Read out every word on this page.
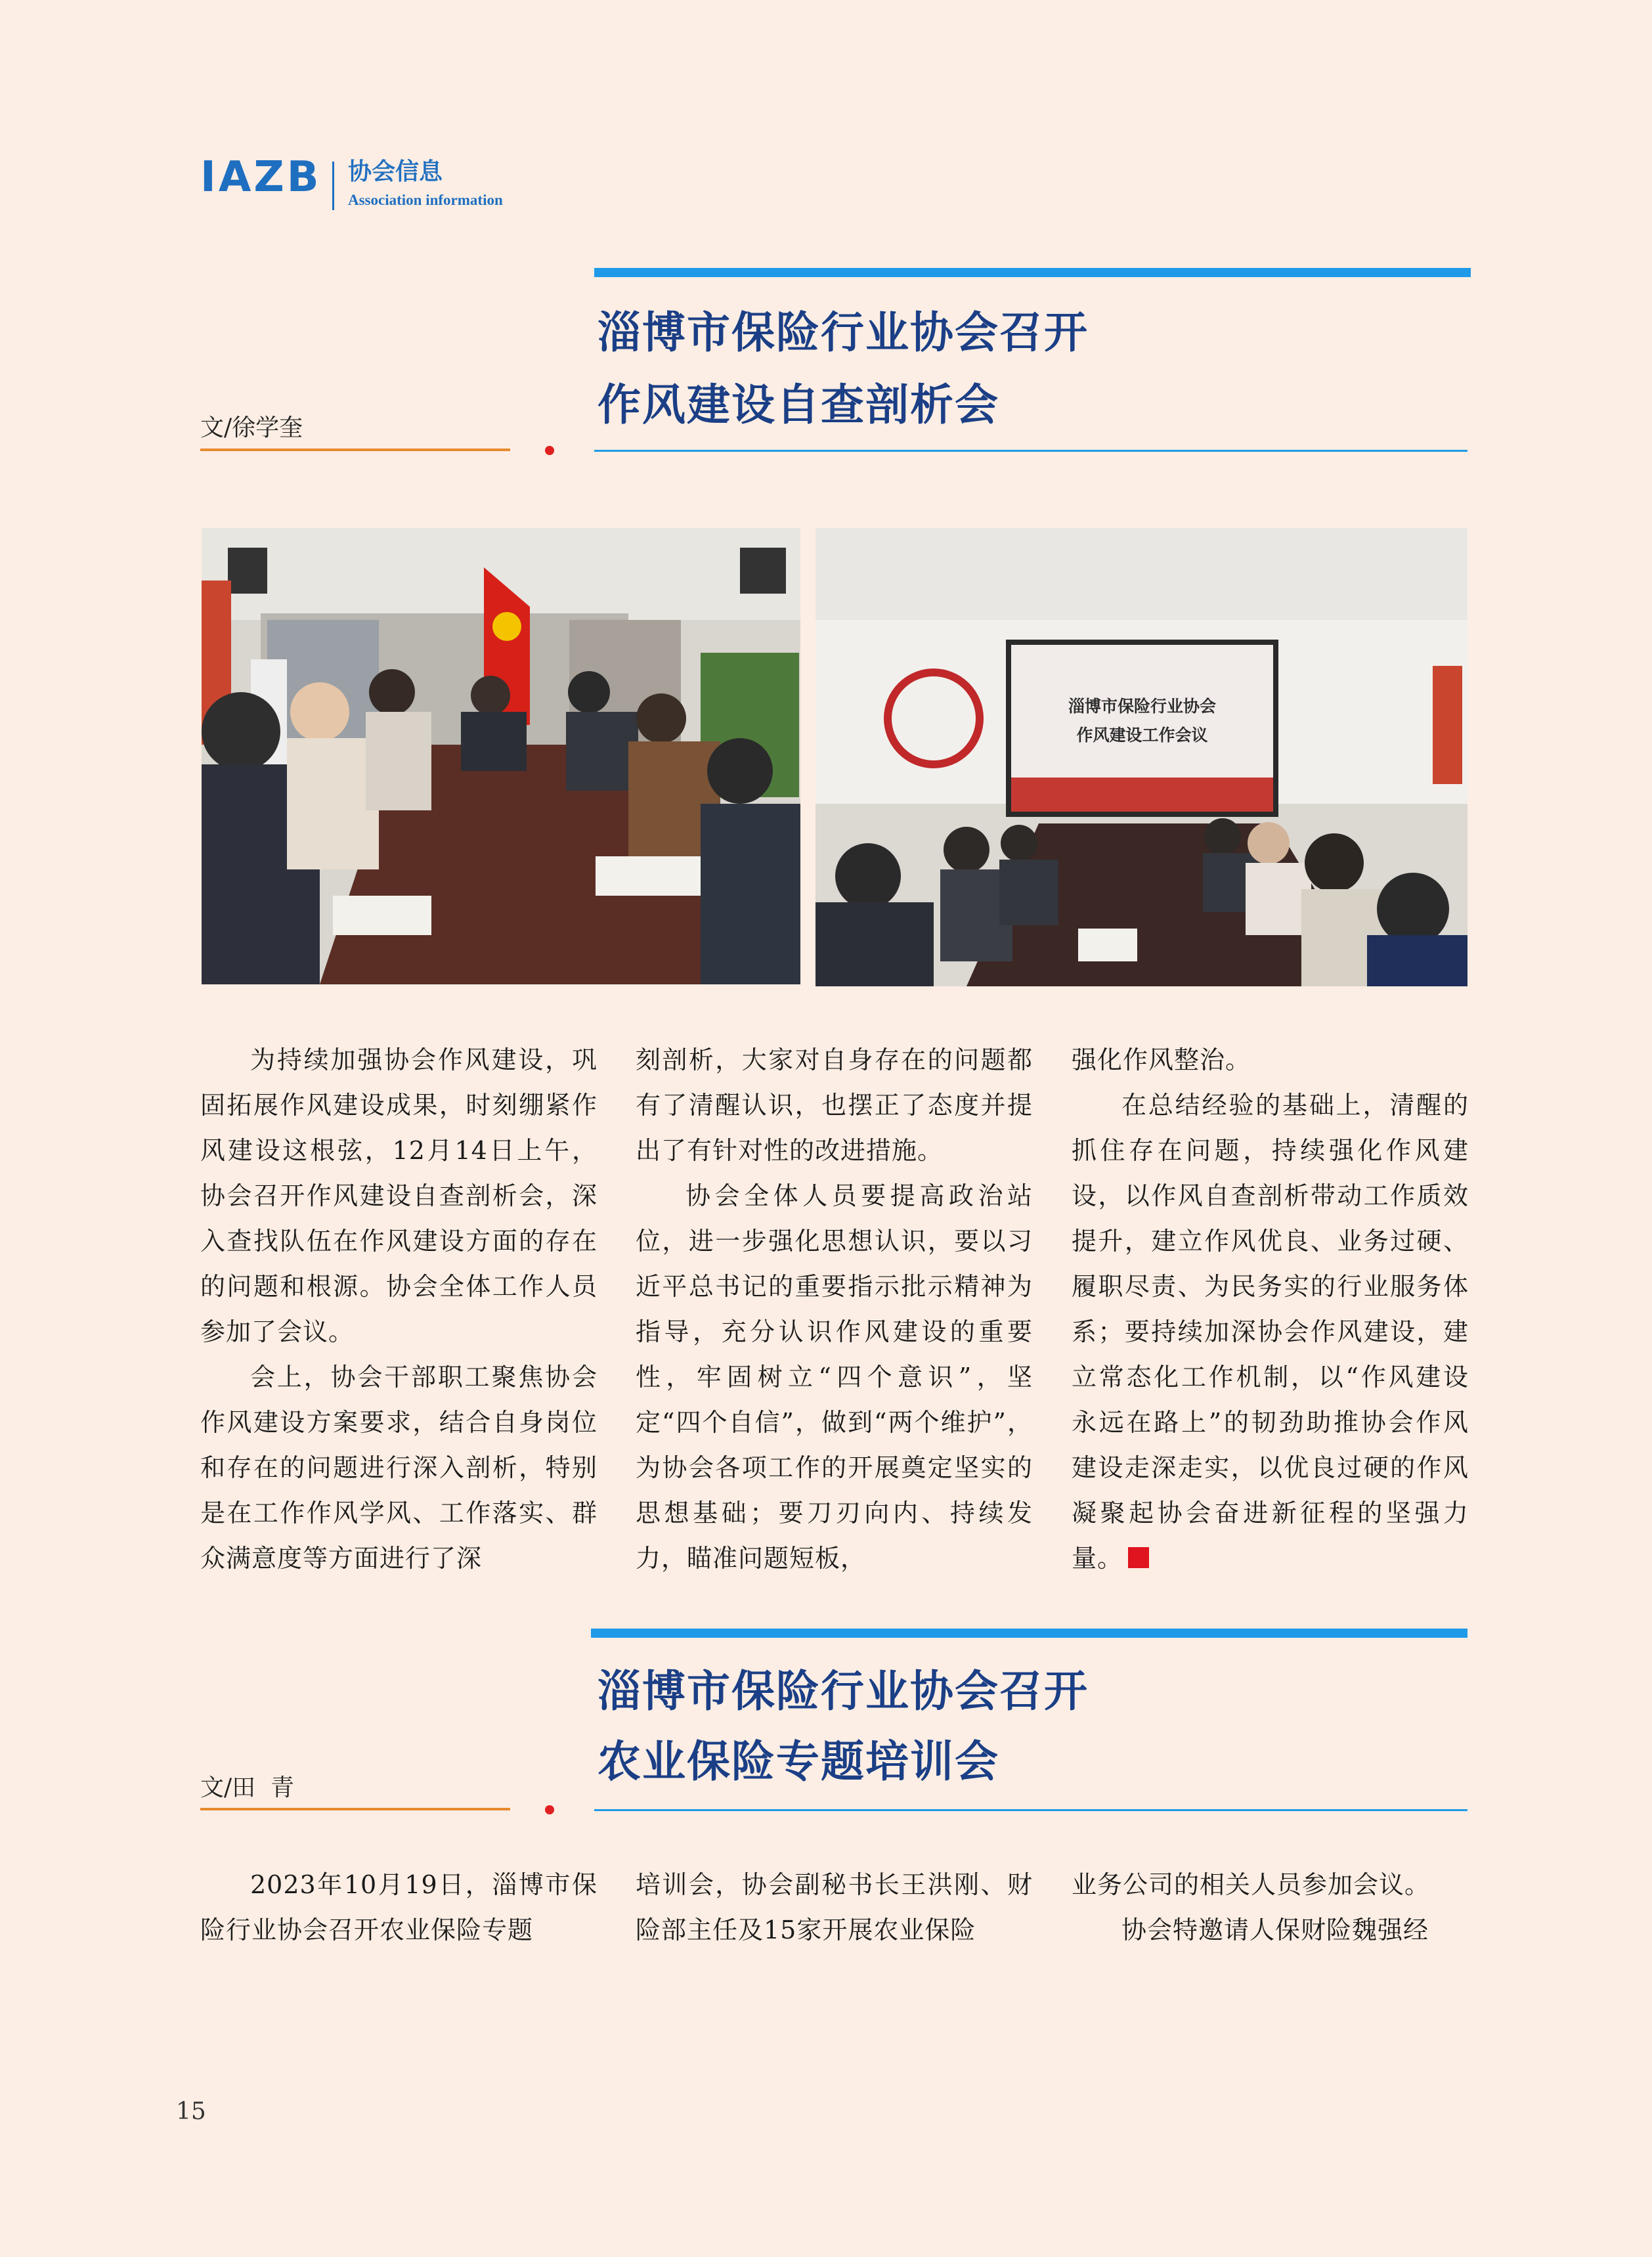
IAZB 协会信息
Association information
淄博市保险行业协会召开
作风建设自查剖析会
文/徐学奎
淄博市保险行业协会
作风建设工作会议

为持续加强协会作风建设，巩固拓展作风建设成果，时刻绷紧作风建设这根弦，12月14日上午，协会召开作风建设自查剖析会，深入查找队伍在作风建设方面的存在的问题和根源。协会全体工作人员参加了会议。

会上，协会干部职工聚焦协会作风建设方案要求，结合自身岗位和存在的问题进行深入剖析，特别是在工作作风学风、工作落实、群众满意度等方面进行了深

刻剖析，大家对自身存在的问题都有了清醒认识，也摆正了态度并提出了有针对性的改进措施。

协会全体人员要提高政治站位，进一步强化思想认识，要以习近平总书记的重要指示批示精神为指导，充分认识作风建设的重要性，牢固树立“四个意识”，坚定“四个自信”，做到“两个维护”，为协会各项工作的开展奠定坚实的思想基础；要刀刃向内、持续发力，瞄准问题短板，

强化作风整治。

在总结经验的基础上，清醒的抓住存在问题，持续强化作风建设，以作风自查剖析带动工作质效提升，建立作风优良、业务过硬、履职尽责、为民务实的行业服务体系；要持续加深协会作风建设，建立常态化工作机制，以“作风建设永远在路上”的韧劲助推协会作风建设走深走实，以优良过硬的作风凝聚起协会奋进新征程的坚强力量。

淄博市保险行业协会召开
农业保险专题培训会
文/田  青

2023年10月19日，淄博市保险行业协会召开农业保险专题

培训会，协会副秘书长王洪刚、财险部主任及15家开展农业保险

业务公司的相关人员参加会议。

协会特邀请人保财险魏强经

15
